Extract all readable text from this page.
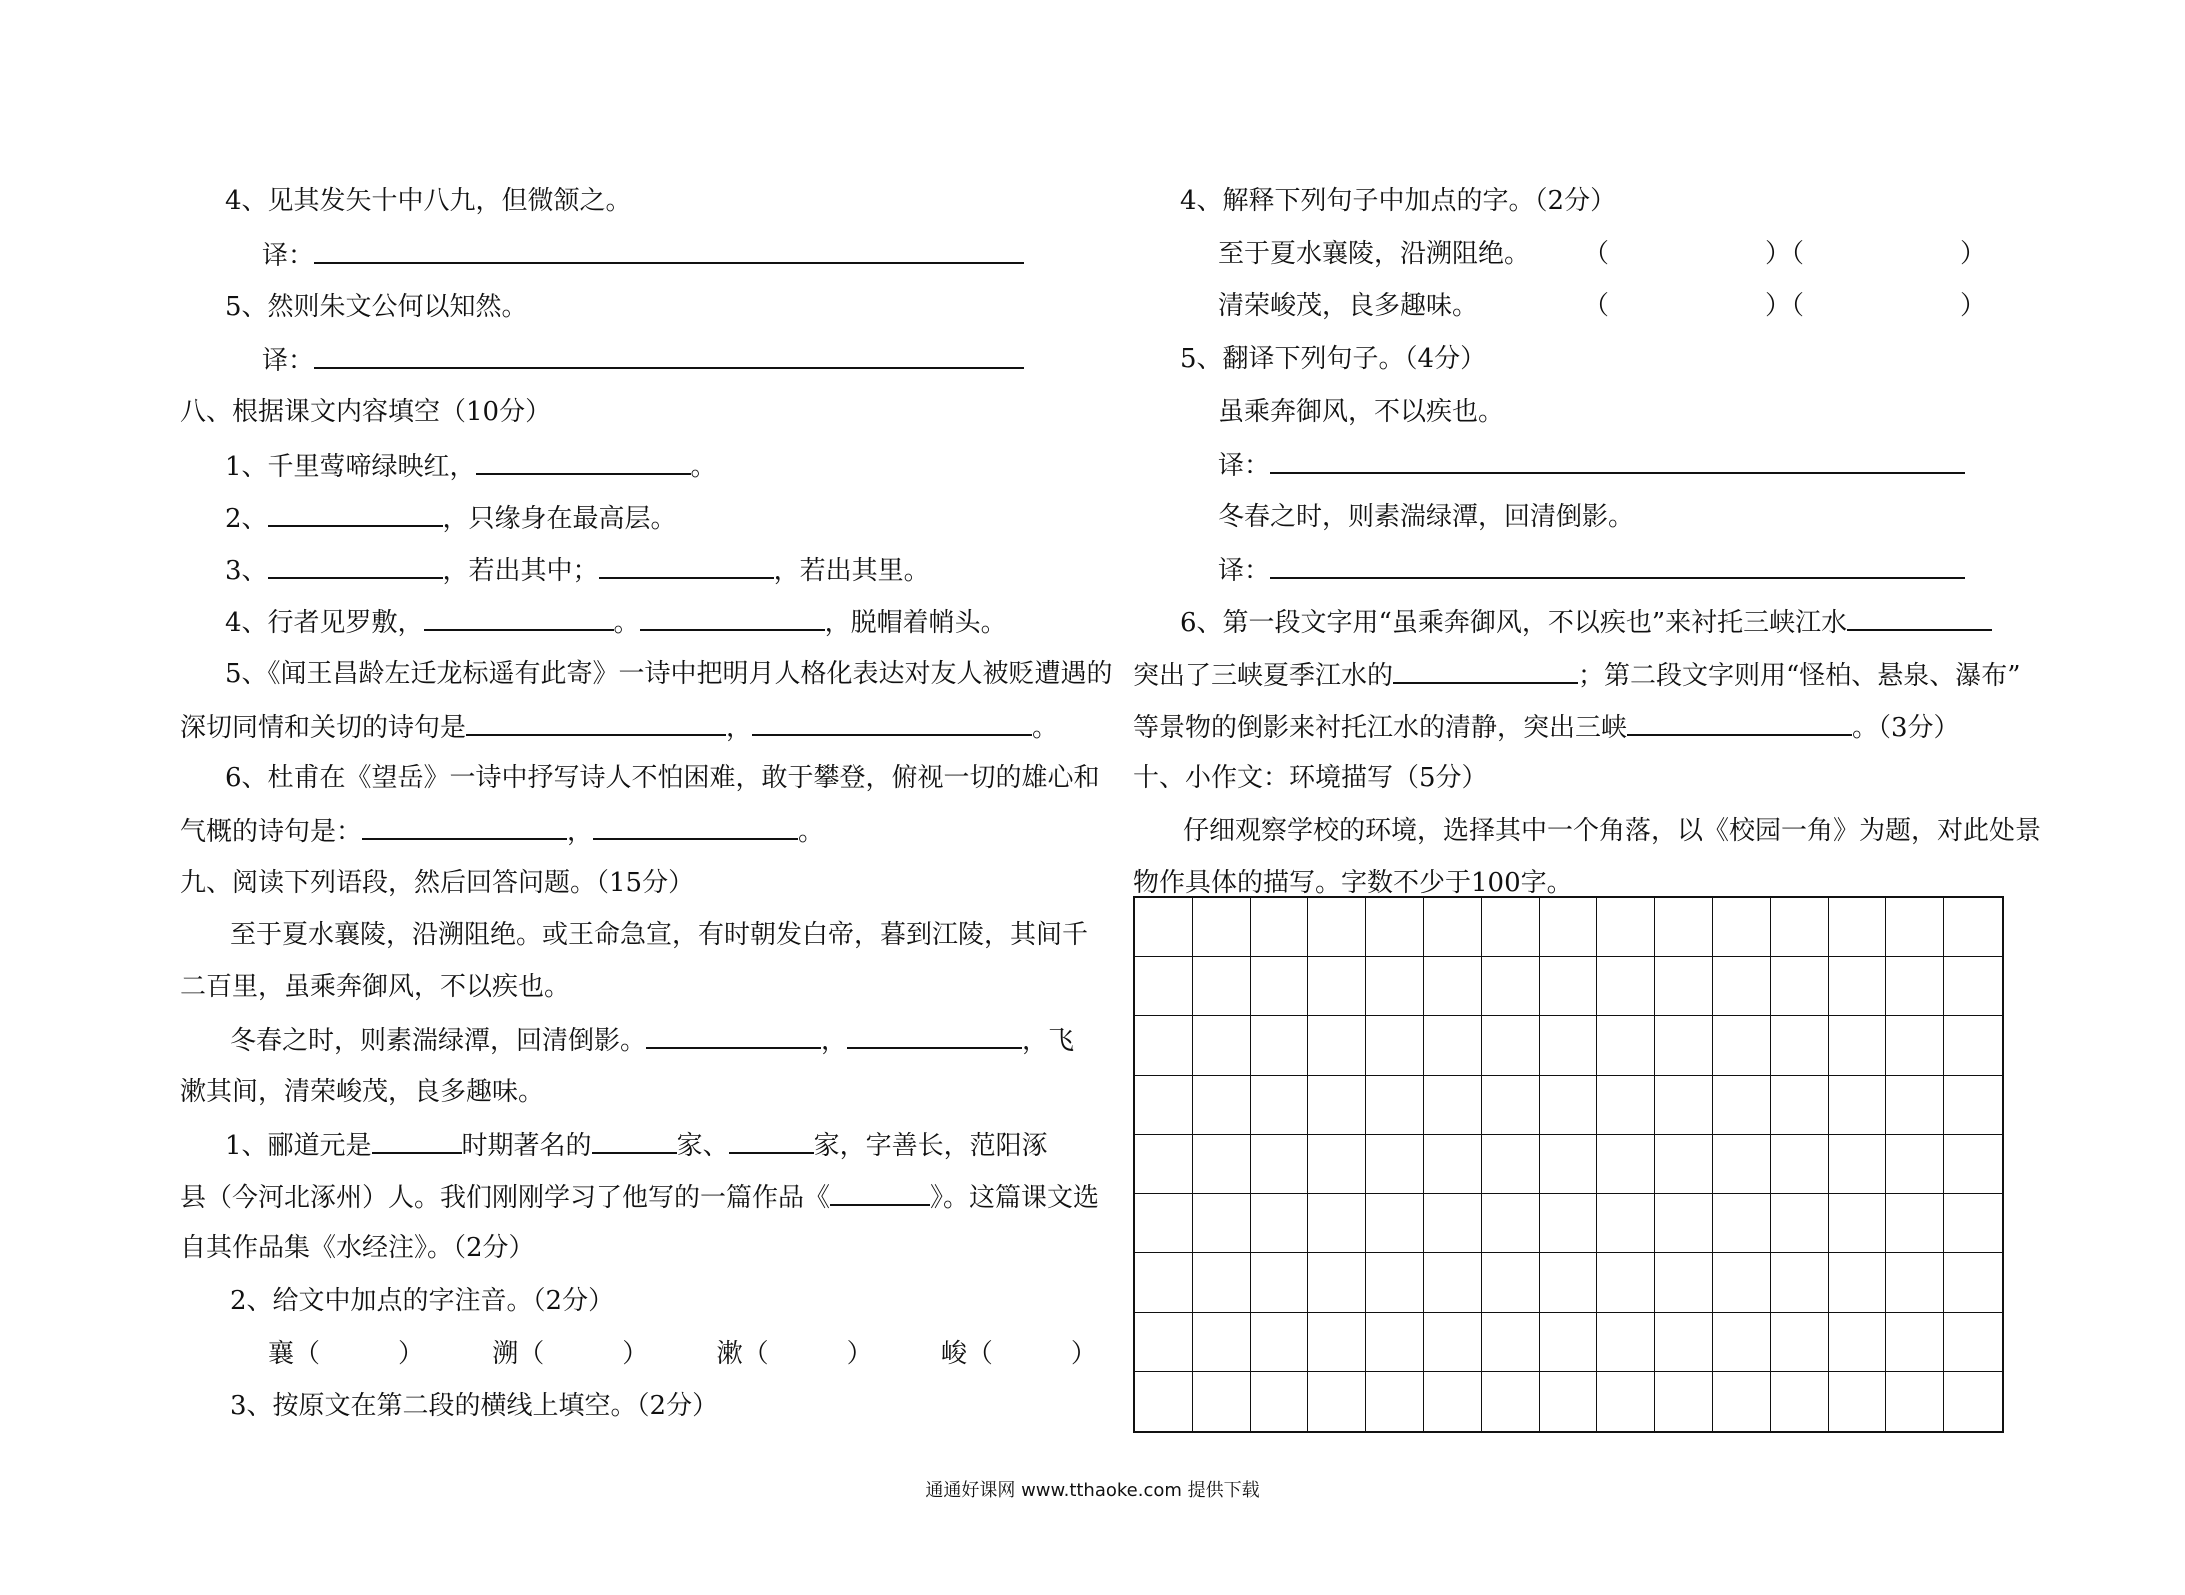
4、见其发矢十中八九，但微颔之。
译：
5、然则朱文公何以知然。
译：
八、根据课文内容填空（10分）
1、千里莺啼绿映红，	。
2、	，只缘身在最高层。
3、	，若出其中；	，若出其里。
4、行者见罗敷，	。	，脱帽着帩头。
5、《闻王昌龄左迁龙标遥有此寄》一诗中把明月人格化表达对友人被贬遭遇的
深切同情和关切的诗句是	，	。
6、杜甫在《望岳》一诗中抒写诗人不怕困难，敢于攀登，俯视一切的雄心和
气概的诗句是：	，	。
九、阅读下列语段，然后回答问题。（15分）
至于夏水襄陵，沿溯阻绝。或王命急宣，有时朝发白帝，暮到江陵，其间千
二百里，虽乘奔御风，不以疾也。
冬春之时，则素湍绿潭，回清倒影。	，	，飞
漱其间，清荣峻茂，良多趣味。
1、郦道元是	时期著名的	家、	家，字善长，范阳涿
县（今河北涿州）人。我们刚刚学习了他写的一篇作品《	》。这篇课文选
自其作品集《水经注》。（2分）
2、给文中加点的字注音。（2分）
襄（　　　）	溯（　　　）	漱（　　　）	峻（　　　）
3、按原文在第二段的横线上填空。（2分）
4、解释下列句子中加点的字。（2分）
至于夏水襄陵，沿溯阻绝。 （　　　　　　）（　　　　　　）
清荣峻茂，良多趣味。	（　　　　　　）（　　　　　　）
5、翻译下列句子。（4分）
虽乘奔御风，不以疾也。
译：
冬春之时，则素湍绿潭，回清倒影。
译：
6、第一段文字用“虽乘奔御风，不以疾也”来衬托三峡江水
突出了三峡夏季江水的	；第二段文字则用“怪柏、悬泉、瀑布”
等景物的倒影来衬托江水的清静，突出三峡	。（3分）
十、小作文：环境描写（5分）
仔细观察学校的环境，选择其中一个角落，以《校园一角》为题，对此处景
物作具体的描写。字数不少于100字。
通通好课网 www.tthaoke.com 提供下载
